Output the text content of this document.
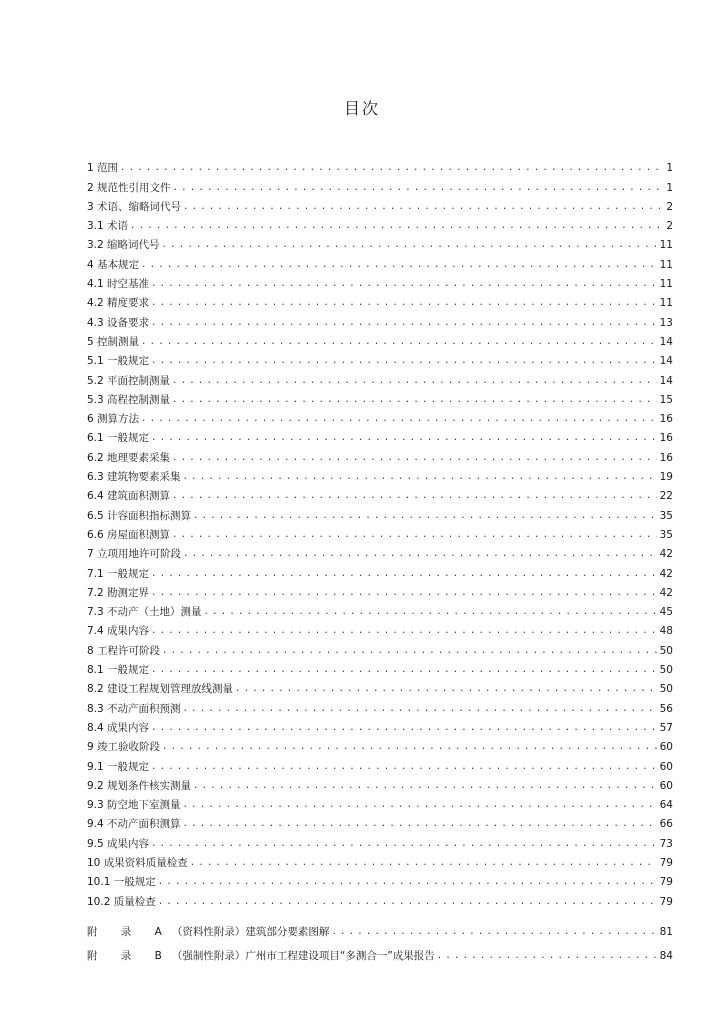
目次
1 范围 .....	1
2 规范性引用文件 .....	1
3 术语、缩略词代号 .....	2
3.1 术语 .....	2
3.2 缩略词代号 .....	11
4 基本规定 .....	11
4.1 时空基准 .....	11
4.2 精度要求 .....	11
4.3 设备要求 .....	13
5 控制测量 .....	14
5.1 一般规定 .....	14
5.2 平面控制测量 .....	14
5.3 高程控制测量 .....	15
6 测算方法 .....	16
6.1 一般规定 .....	16
6.2 地理要素采集 .....	16
6.3 建筑物要素采集 .....	19
6.4 建筑面积测算 .....	22
6.5 计容面积指标测算 .....	35
6.6 房屋面积测算 .....	35
7 立项用地许可阶段 .....	42
7.1 一般规定 .....	42
7.2 勘测定界 .....	42
7.3 不动产（土地）测量 .....	45
7.4 成果内容 .....	48
8 工程许可阶段 .....	50
8.1 一般规定 .....	50
8.2 建设工程规划管理放线测量 .....	50
8.3 不动产面积预测 .....	56
8.4 成果内容 .....	57
9 竣工验收阶段 .....	60
9.1 一般规定 .....	60
9.2 规划条件核实测量 .....	60
9.3 防空地下室测量 .....	64
9.4 不动产面积测算 .....	66
9.5 成果内容 .....	73
10 成果资料质量检查 .....	79
10.1 一般规定 .....	79
10.2 质量检查 .....	79
附 录 A（资料性附录）建筑部分要素图解 .....	81
附 录 B（强制性附录）广州市工程建设项目“多测合一”成果报告 .....	84
